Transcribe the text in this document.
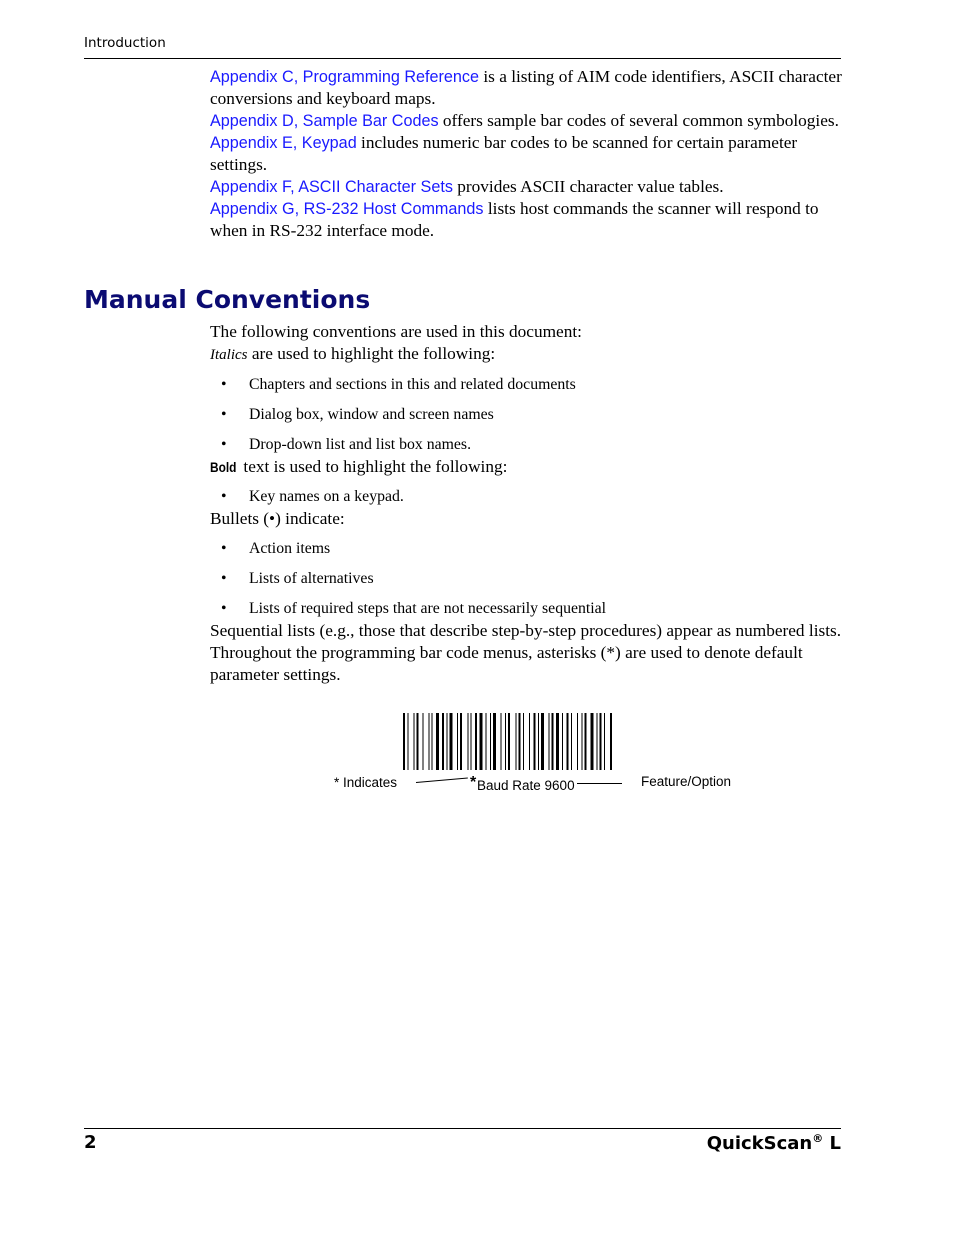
Introduction

Appendix C, Programming Reference is a listing of AIM code identifiers, ASCII character conversions and keyboard maps.

Appendix D, Sample Bar Codes offers sample bar codes of several common symbologies.

Appendix E, Keypad includes numeric bar codes to be scanned for certain parameter settings.

Appendix F, ASCII Character Sets provides ASCII character value tables.

Appendix G, RS-232 Host Commands lists host commands the scanner will respond to when in RS-232 interface mode.

Manual Conventions

The following conventions are used in this document:

Italics are used to highlight the following:

• Chapters and sections in this and related documents
• Dialog box, window and screen names
• Drop-down list and list box names.

Bold text is used to highlight the following:

• Key names on a keypad.

Bullets (•) indicate:

• Action items
• Lists of alternatives
• Lists of required steps that are not necessarily sequential

Sequential lists (e.g., those that describe step-by-step procedures) appear as numbered lists.

Throughout the programming bar code menus, asterisks (*) are used to denote default parameter settings.

* Indicates	* Baud Rate 9600	Feature/Option
2	QuickScan® L
